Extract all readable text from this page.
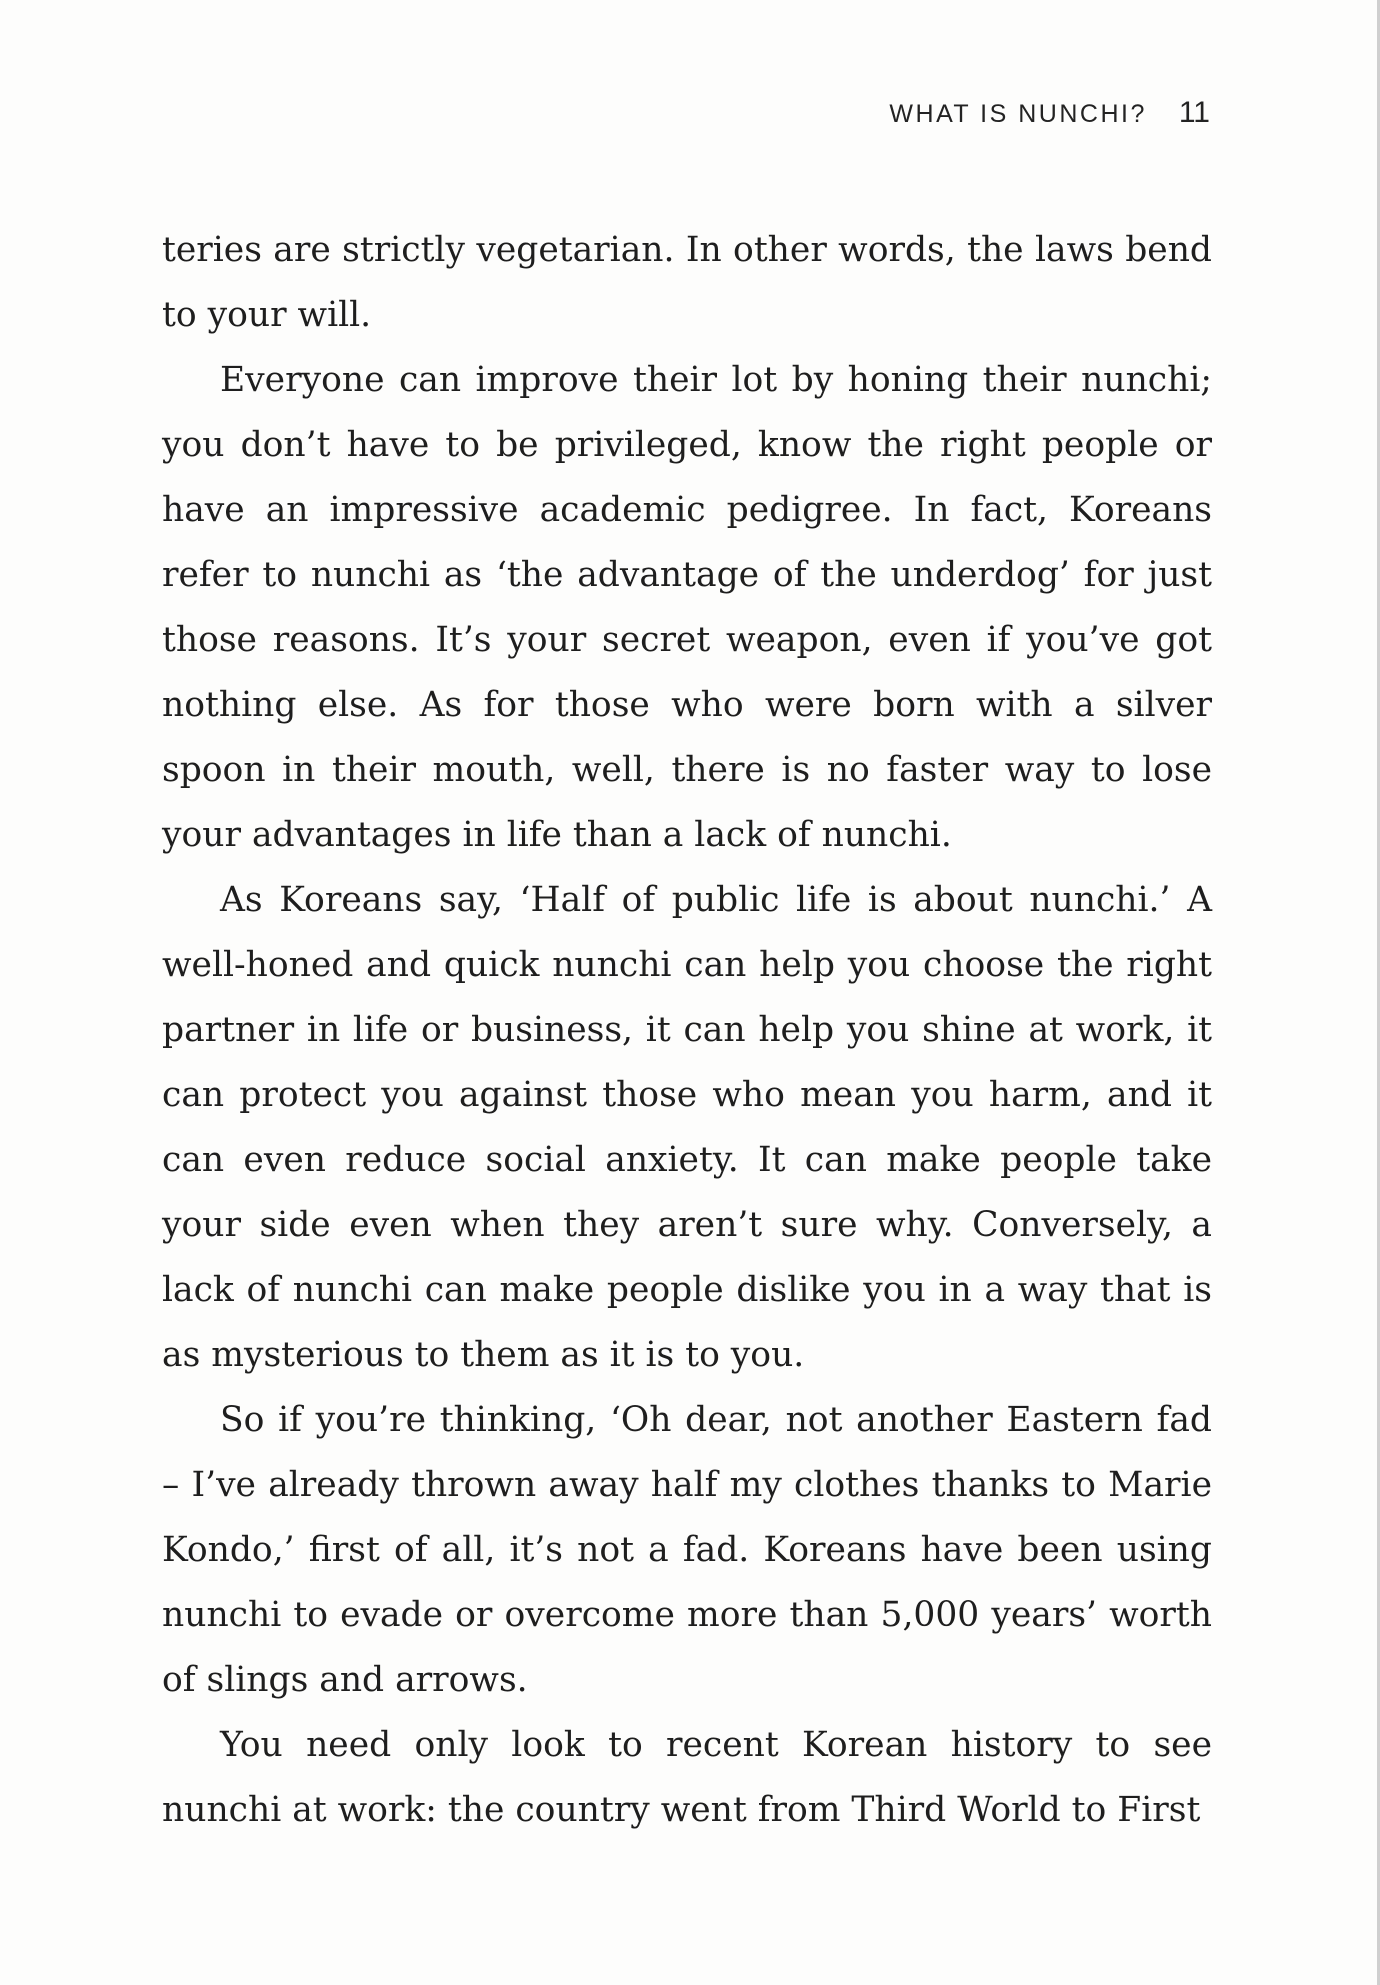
WHAT IS NUNCHI? 11

teries are strictly vegetarian. In other words, the laws bend to your will.

Everyone can improve their lot by honing their nunchi; you don’t have to be privileged, know the right people or have an impressive academic pedigree. In fact, Koreans refer to nunchi as ‘the advantage of the underdog’ for just those reasons. It’s your secret weapon, even if you’ve got nothing else. As for those who were born with a silver spoon in their mouth, well, there is no faster way to lose your advantages in life than a lack of nunchi.

As Koreans say, ‘Half of public life is about nunchi.’ A well-honed and quick nunchi can help you choose the right partner in life or business, it can help you shine at work, it can protect you against those who mean you harm, and it can even reduce social anxiety. It can make people take your side even when they aren’t sure why. Conversely, a lack of nunchi can make people dislike you in a way that is as mysterious to them as it is to you.

So if you’re thinking, ‘Oh dear, not another Eastern fad – I’ve already thrown away half my clothes thanks to Marie Kondo,’ first of all, it’s not a fad. Koreans have been using nunchi to evade or overcome more than 5,000 years’ worth of slings and arrows.

You need only look to recent Korean history to see nunchi at work: the country went from Third World to First
